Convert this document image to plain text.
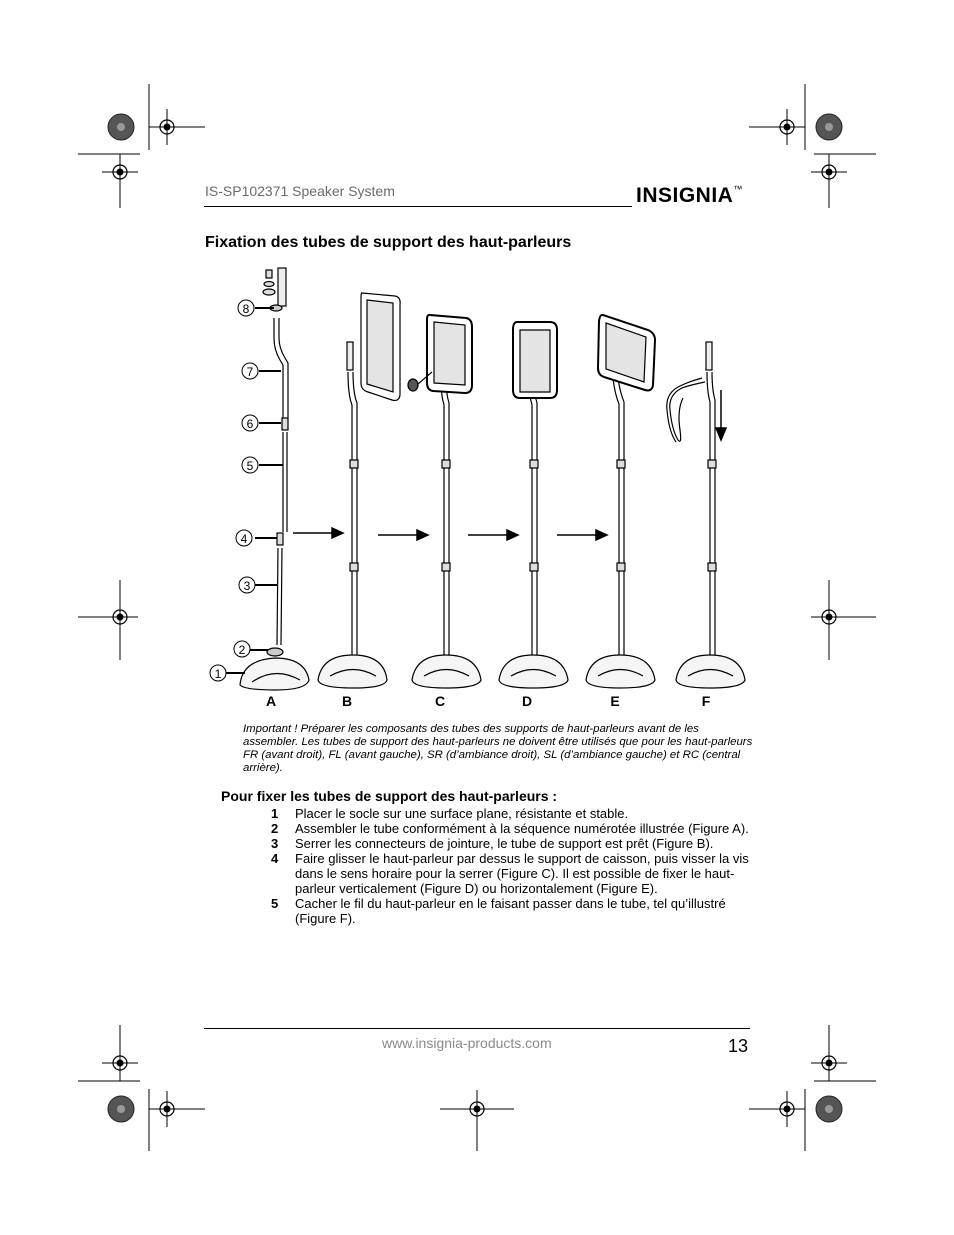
IS-SP102371 Speaker System	INSIGNIA™
Fixation des tubes de support des haut-parleurs
1
2
3
4
5
6
7
8
A	B	C	D	E	F
Important ! Préparer les composants des tubes des supports de haut-parleurs avant de les assembler. Les tubes de support des haut-parleurs ne doivent être utilisés que pour les haut-parleurs FR (avant droit), FL (avant gauche), SR (d’ambiance droit), SL (d’ambiance gauche) et RC (central arrière).
Pour fixer les tubes de support des haut-parleurs :
1	Placer le socle sur une surface plane, résistante et stable.
2	Assembler le tube conformément à la séquence numérotée illustrée (Figure A).
3	Serrer les connecteurs de jointure, le tube de support est prêt (Figure B).
4	Faire glisser le haut-parleur par dessus le support de caisson, puis visser la vis dans le sens horaire pour la serrer (Figure C). Il est possible de fixer le haut-parleur verticalement (Figure D) ou horizontalement (Figure E).
5	Cacher le fil du haut-parleur en le faisant passer dans le tube, tel qu’illustré (Figure F).
www.insignia-products.com	13
